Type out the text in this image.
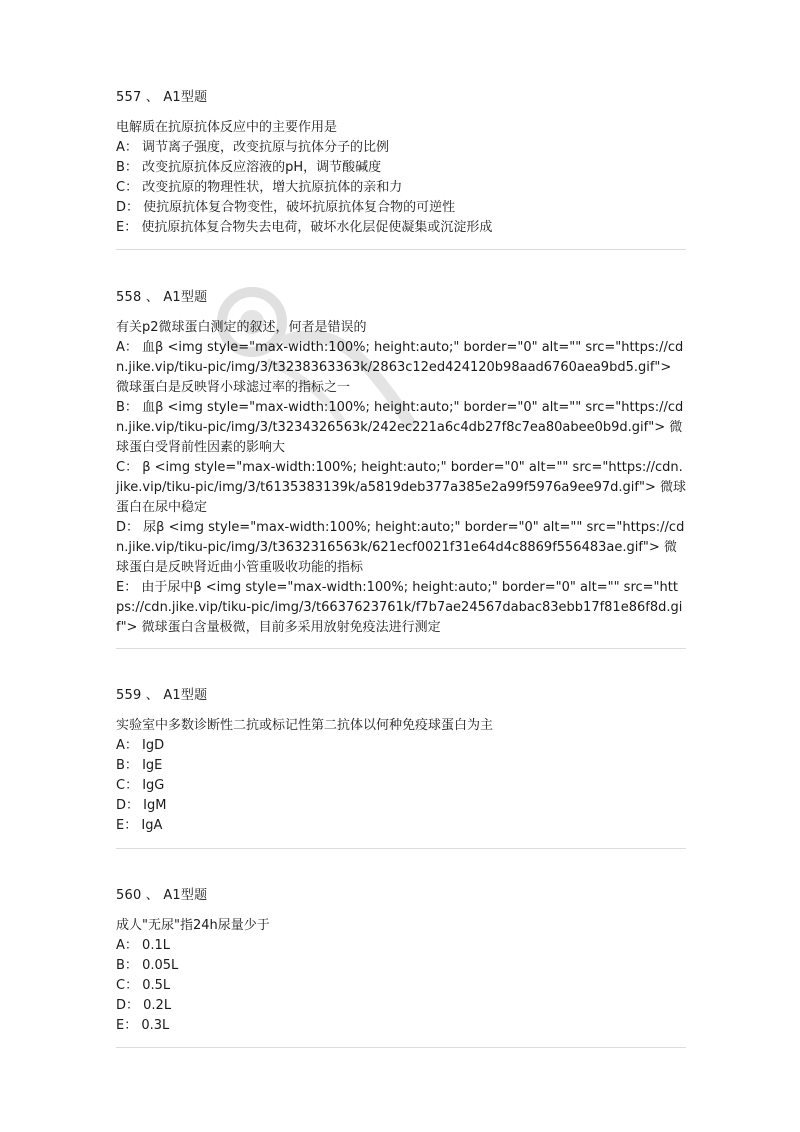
557 、 A1型题
电解质在抗原抗体反应中的主要作用是
A： 调节离子强度，改变抗原与抗体分子的比例
B： 改变抗原抗体反应溶液的pH，调节酸碱度
C： 改变抗原的物理性状，增大抗原抗体的亲和力
D： 使抗原抗体复合物变性，破坏抗原抗体复合物的可逆性
E： 使抗原抗体复合物失去电荷，破坏水化层促使凝集或沉淀形成
558 、 A1型题
有关p2微球蛋白测定的叙述，何者是错误的
A： 血β <img style="max-width:100%; height:auto;" border="0" alt="" src="https://cdn.jike.vip/tiku-pic/img/3/t3238363363k/2863c12ed424120b98aad6760aea9bd5.gif"> 微球蛋白是反映肾小球滤过率的指标之一
B： 血β <img style="max-width:100%; height:auto;" border="0" alt="" src="https://cdn.jike.vip/tiku-pic/img/3/t3234326563k/242ec221a6c4db27f8c7ea80abee0b9d.gif"> 微球蛋白受肾前性因素的影响大
C： β <img style="max-width:100%; height:auto;" border="0" alt="" src="https://cdn.jike.vip/tiku-pic/img/3/t6135383139k/a5819deb377a385e2a99f5976a9ee97d.gif"> 微球蛋白在尿中稳定
D： 尿β <img style="max-width:100%; height:auto;" border="0" alt="" src="https://cdn.jike.vip/tiku-pic/img/3/t3632316563k/621ecf0021f31e64d4c8869f556483ae.gif"> 微球蛋白是反映肾近曲小管重吸收功能的指标
E： 由于尿中β <img style="max-width:100%; height:auto;" border="0" alt="" src="https://cdn.jike.vip/tiku-pic/img/3/t6637623761k/f7b7ae24567dabac83ebb17f81e86f8d.gif"> 微球蛋白含量极微，目前多采用放射免疫法进行测定
559 、 A1型题
实验室中多数诊断性二抗或标记性第二抗体以何种免疫球蛋白为主
A： IgD
B： IgE
C： IgG
D： IgM
E： IgA
560 、 A1型题
成人"无尿"指24h尿量少于
A： 0.1L
B： 0.05L
C： 0.5L
D： 0.2L
E： 0.3L
